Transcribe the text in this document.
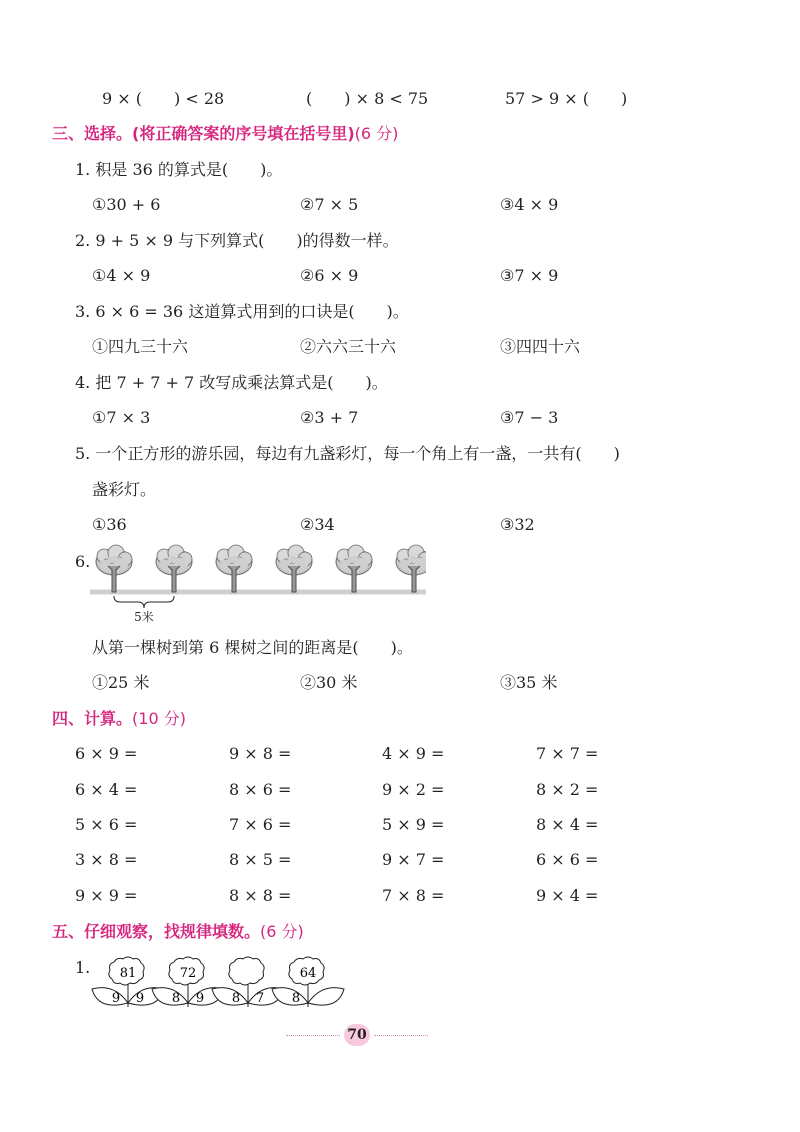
9 × (　　) < 28	(　　) × 8 < 75	57 > 9 × (　　)
三、选择。(将正确答案的序号填在括号里)(6 分)
1. 积是 36 的算式是(　　)。
①30 + 6	②7 × 5	③4 × 9
2. 9 + 5 × 9 与下列算式(　　)的得数一样。
①4 × 9	②6 × 9	③7 × 9
3. 6 × 6 = 36 这道算式用到的口诀是(　　)。
①四九三十六	②六六三十六	③四四十六
4. 把 7 + 7 + 7 改写成乘法算式是(　　)。
①7 × 3	②3 + 7	③7 − 3
5. 一个正方形的游乐园，每边有九盏彩灯，每一个角上有一盏，一共有(　　)
盏彩灯。
①36	②34	③32
6.
5米
从第一棵树到第 6 棵树之间的距离是(　　)。
①25 米	②30 米	③35 米
四、计算。(10 分)
6 × 9 =	9 × 8 =	4 × 9 =	7 × 7 =
6 × 4 =	8 × 6 =	9 × 2 =	8 × 2 =
5 × 6 =	7 × 6 =	5 × 9 =	8 × 4 =
3 × 8 =	8 × 5 =	9 × 7 =	6 × 6 =
9 × 9 =	8 × 8 =	7 × 8 =	9 × 4 =
五、仔细观察，找规律填数。(6 分)
1. 81
9 9
72
8 9 8 7
64
8
70
